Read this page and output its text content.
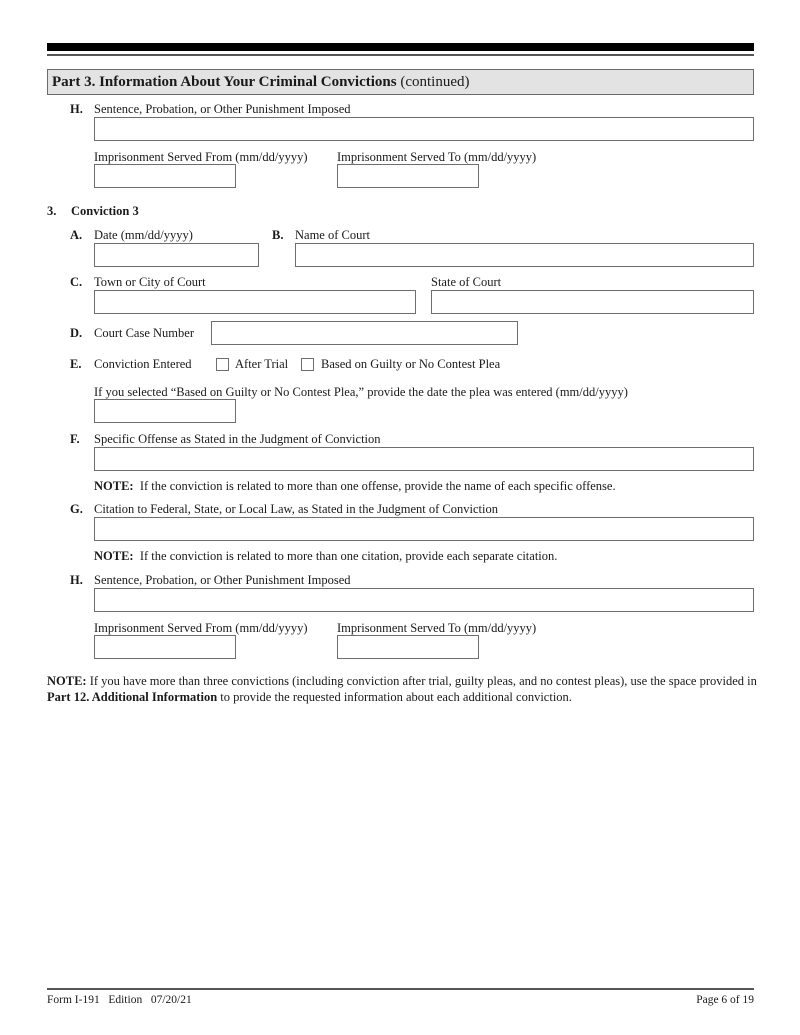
Part 3. Information About Your Criminal Convictions (continued)
H. Sentence, Probation, or Other Punishment Imposed
Imprisonment Served From (mm/dd/yyyy) Imprisonment Served To (mm/dd/yyyy)
3. Conviction 3
A. Date (mm/dd/yyyy)	B. Name of Court
C. Town or City of Court	State of Court
D. Court Case Number
E. Conviction Entered	After Trial	Based on Guilty or No Contest Plea
If you selected “Based on Guilty or No Contest Plea,” provide the date the plea was entered (mm/dd/yyyy)
F. Specific Offense as Stated in the Judgment of Conviction
NOTE:  If the conviction is related to more than one offense, provide the name of each specific offense.
G. Citation to Federal, State, or Local Law, as Stated in the Judgment of Conviction
NOTE:  If the conviction is related to more than one citation, provide each separate citation.
H. Sentence, Probation, or Other Punishment Imposed
Imprisonment Served From (mm/dd/yyyy) Imprisonment Served To (mm/dd/yyyy)
NOTE: If you have more than three convictions (including conviction after trial, guilty pleas, and no contest pleas), use the space provided in Part 12. Additional Information to provide the requested information about each additional conviction.
Form I-191   Edition   07/20/21	Page 6 of 19
